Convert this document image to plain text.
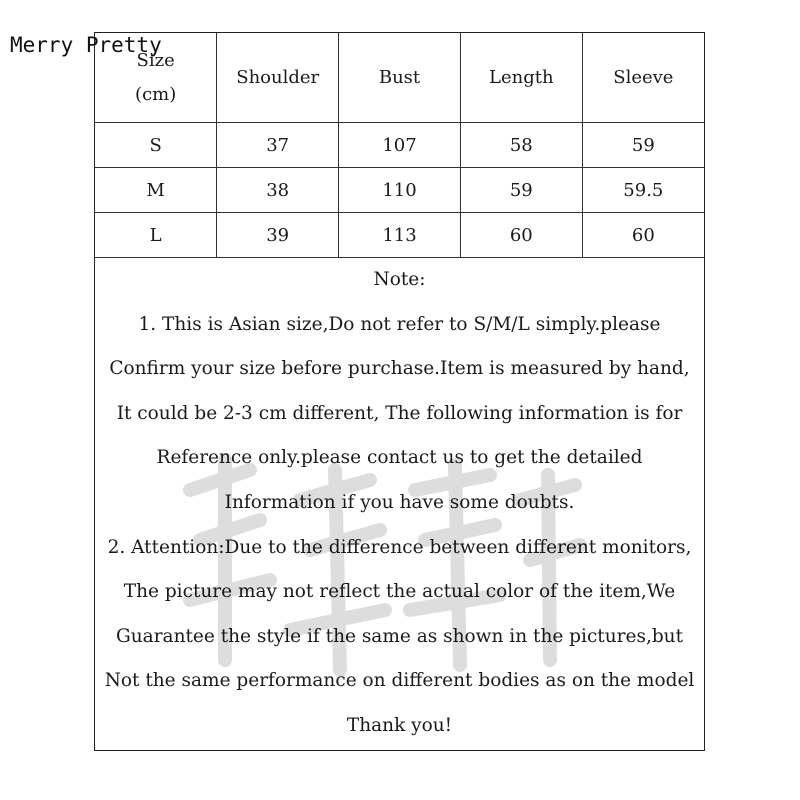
Merry Pretty
Size
(cm)	Shoulder	Bust	Length	Sleeve
S	37	107	58	59
M	38	110	59	59.5
L	39	113	60	60

Note:

1. This is Asian size,Do not refer to S/M/L simply.please

Confirm your size before purchase.Item is measured by hand,

It could be 2-3 cm different, The following information is for

Reference only.please contact us to get the detailed

Information if you have some doubts.

2. Attention:Due to the difference between different monitors,

The picture may not reflect the actual color of the item,We

Guarantee the style if the same as shown in the pictures,but

Not the same performance on different bodies as on the model

Thank you!
